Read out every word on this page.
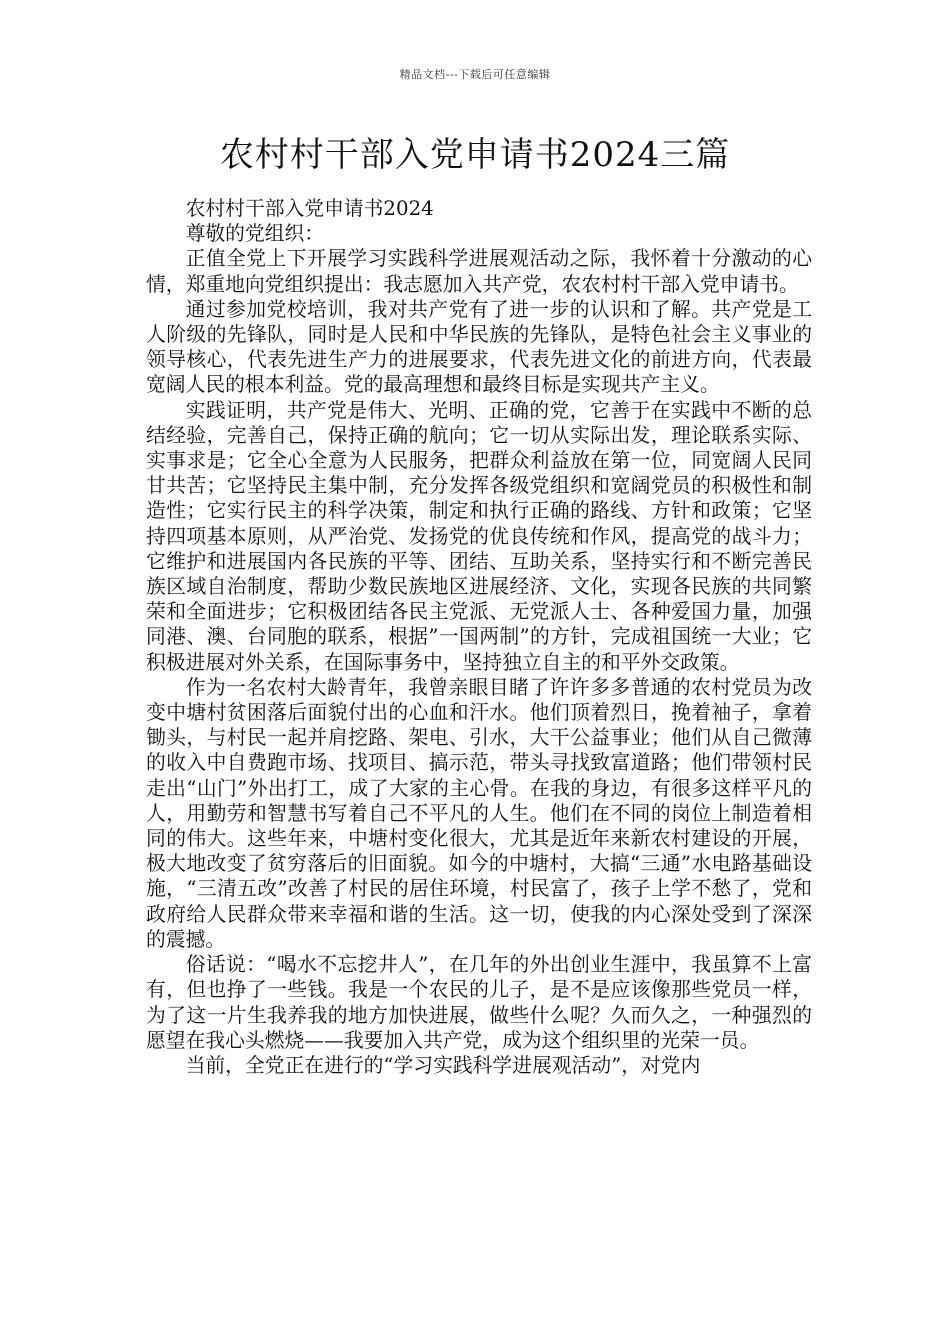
精品文档---下载后可任意编辑
农村村干部入党申请书2024三篇

农村村干部入党申请书2024

尊敬的党组织：

正值全党上下开展学习实践科学进展观活动之际，我怀着十分激动的心情，郑重地向党组织提出：我志愿加入共产党，农农村村干部入党申请书。

通过参加党校培训，我对共产党有了进一步的认识和了解。共产党是工人阶级的先锋队，同时是人民和中华民族的先锋队，是特色社会主义事业的领导核心，代表先进生产力的进展要求，代表先进文化的前进方向，代表最宽阔人民的根本利益。党的最高理想和最终目标是实现共产主义。

实践证明，共产党是伟大、光明、正确的党，它善于在实践中不断的总结经验，完善自己，保持正确的航向；它一切从实际出发，理论联系实际、实事求是；它全心全意为人民服务，把群众利益放在第一位，同宽阔人民同甘共苦；它坚持民主集中制，充分发挥各级党组织和宽阔党员的积极性和制造性；它实行民主的科学决策，制定和执行正确的路线、方针和政策；它坚持四项基本原则，从严治党、发扬党的优良传统和作风，提高党的战斗力；它维护和进展国内各民族的平等、团结、互助关系，坚持实行和不断完善民族区域自治制度，帮助少数民族地区进展经济、文化，实现各民族的共同繁荣和全面进步；它积极团结各民主党派、无党派人士、各种爱国力量，加强同港、澳、台同胞的联系，根据”一国两制”的方针，完成祖国统一大业；它积极进展对外关系，在国际事务中，坚持独立自主的和平外交政策。

作为一名农村大龄青年，我曾亲眼目睹了许许多多普通的农村党员为改变中塘村贫困落后面貌付出的心血和汗水。他们顶着烈日，挽着袖子，拿着锄头，与村民一起并肩挖路、架电、引水，大干公益事业；他们从自己微薄的收入中自费跑市场、找项目、搞示范，带头寻找致富道路；他们带领村民走出“山门”外出打工，成了大家的主心骨。在我的身边，有很多这样平凡的人，用勤劳和智慧书写着自己不平凡的人生。他们在不同的岗位上制造着相同的伟大。这些年来，中塘村变化很大，尤其是近年来新农村建设的开展，极大地改变了贫穷落后的旧面貌。如今的中塘村，大搞“三通”水电路基础设施，“三清五改”改善了村民的居住环境，村民富了，孩子上学不愁了，党和政府给人民群众带来幸福和谐的生活。这一切，使我的内心深处受到了深深的震撼。

俗话说：“喝水不忘挖井人”，在几年的外出创业生涯中，我虽算不上富有，但也挣了一些钱。我是一个农民的儿子，是不是应该像那些党员一样，为了这一片生我养我的地方加快进展，做些什么呢？久而久之，一种强烈的愿望在我心头燃烧——我要加入共产党，成为这个组织里的光荣一员。

当前，全党正在进行的“学习实践科学进展观活动”，对党内
